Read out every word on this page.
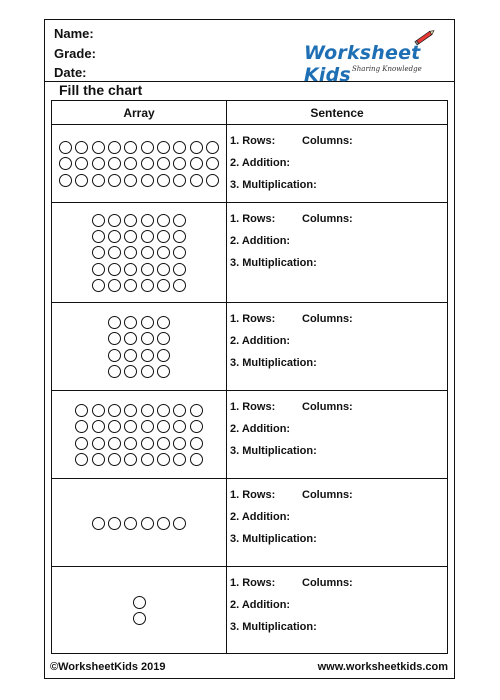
Name:
Grade:
Date:
Worksheet Kids Sharing Knowledge
Fill the chart
Array	Sentence
1. Rows: Columns:
2. Addition:
3. Multiplication:
1. Rows: Columns:
2. Addition:
3. Multiplication:
1. Rows: Columns:
2. Addition:
3. Multiplication:
1. Rows: Columns:
2. Addition:
3. Multiplication:
1. Rows: Columns:
2. Addition:
3. Multiplication:
1. Rows: Columns:
2. Addition:
3. Multiplication:
©WorksheetKids 2019	www.worksheetkids.com
